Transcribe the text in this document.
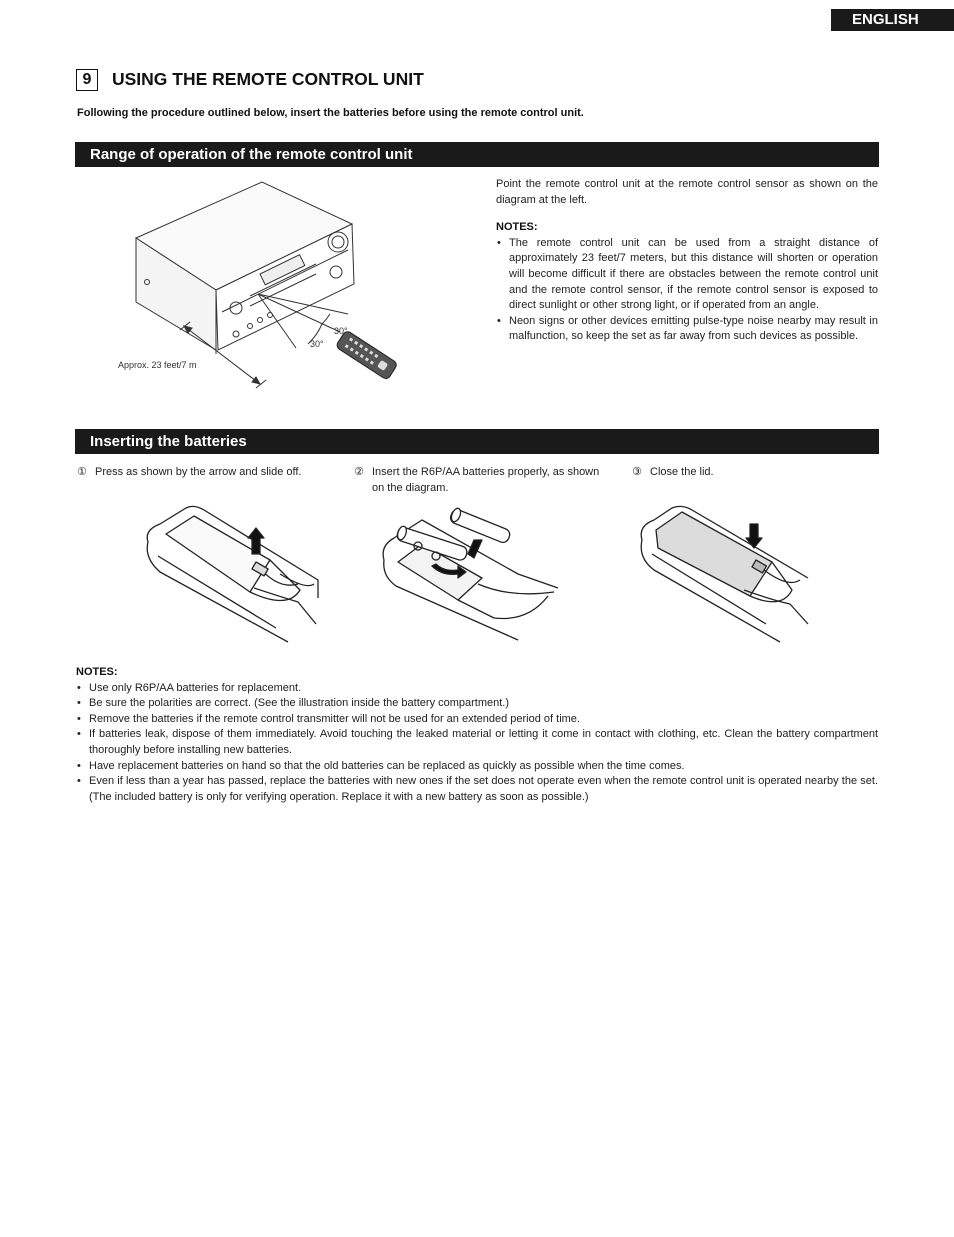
ENGLISH
9	USING THE REMOTE CONTROL UNIT
Following the procedure outlined below, insert the batteries before using the remote control unit.
Range of operation of the remote control unit
30°
30°
Approx. 23 feet/7 m
Point the remote control unit at the remote control sensor as shown on the diagram at the left.
NOTES:
• The remote control unit can be used from a straight distance of approximately 23 feet/7 meters, but this distance will shorten or operation will become difficult if there are obstacles between the remote control unit and the remote control sensor, if the remote control sensor is exposed to direct sunlight or other strong light, or if operated from an angle.
• Neon signs or other devices emitting pulse-type noise nearby may result in malfunction, so keep the set as far away from such devices as possible.
Inserting the batteries
① Press as shown by the arrow and slide off.	② Insert the R6P/AA batteries properly, as shown on the diagram.
③ Close the lid.
NOTES:
• Use only R6P/AA batteries for replacement.
• Be sure the polarities are correct. (See the illustration inside the battery compartment.)
• Remove the batteries if the remote control transmitter will not be used for an extended period of time.
• If batteries leak, dispose of them immediately. Avoid touching the leaked material or letting it come in contact with clothing, etc. Clean the battery compartment thoroughly before installing new batteries.
• Have replacement batteries on hand so that the old batteries can be replaced as quickly as possible when the time comes.
• Even if less than a year has passed, replace the batteries with new ones if the set does not operate even when the remote control unit is operated nearby the set. (The included battery is only for verifying operation. Replace it with a new battery as soon as possible.)
